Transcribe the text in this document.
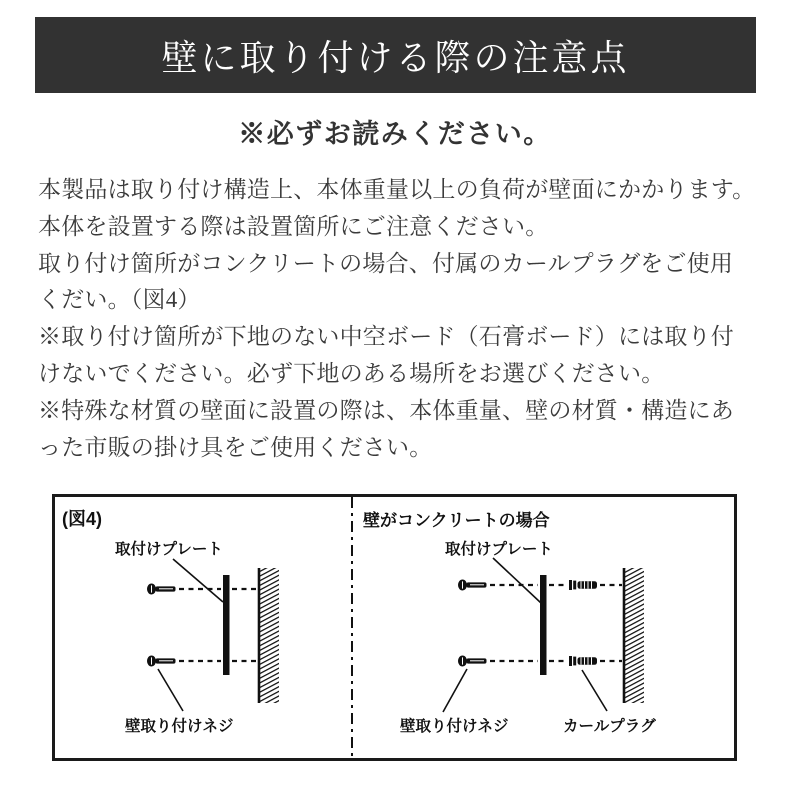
壁に取り付ける際の注意点
※必ずお読みください。
本製品は取り付け構造上、本体重量以上の負荷が壁面にかかります。
本体を設置する際は設置箇所にご注意ください。
取り付け箇所がコンクリートの場合、付属のカールプラグをご使用
くだい。（図4）
※取り付け箇所が下地のない中空ボード（石膏ボード）には取り付
けないでください。必ず下地のある場所をお選びください。
※特殊な材質の壁面に設置の際は、本体重量、壁の材質・構造にあ
った市販の掛け具をご使用ください。
(図4)
取付けプレート
壁取り付けネジ
壁がコンクリートの場合
取付けプレート
壁取り付けネジ	カールプラグ
